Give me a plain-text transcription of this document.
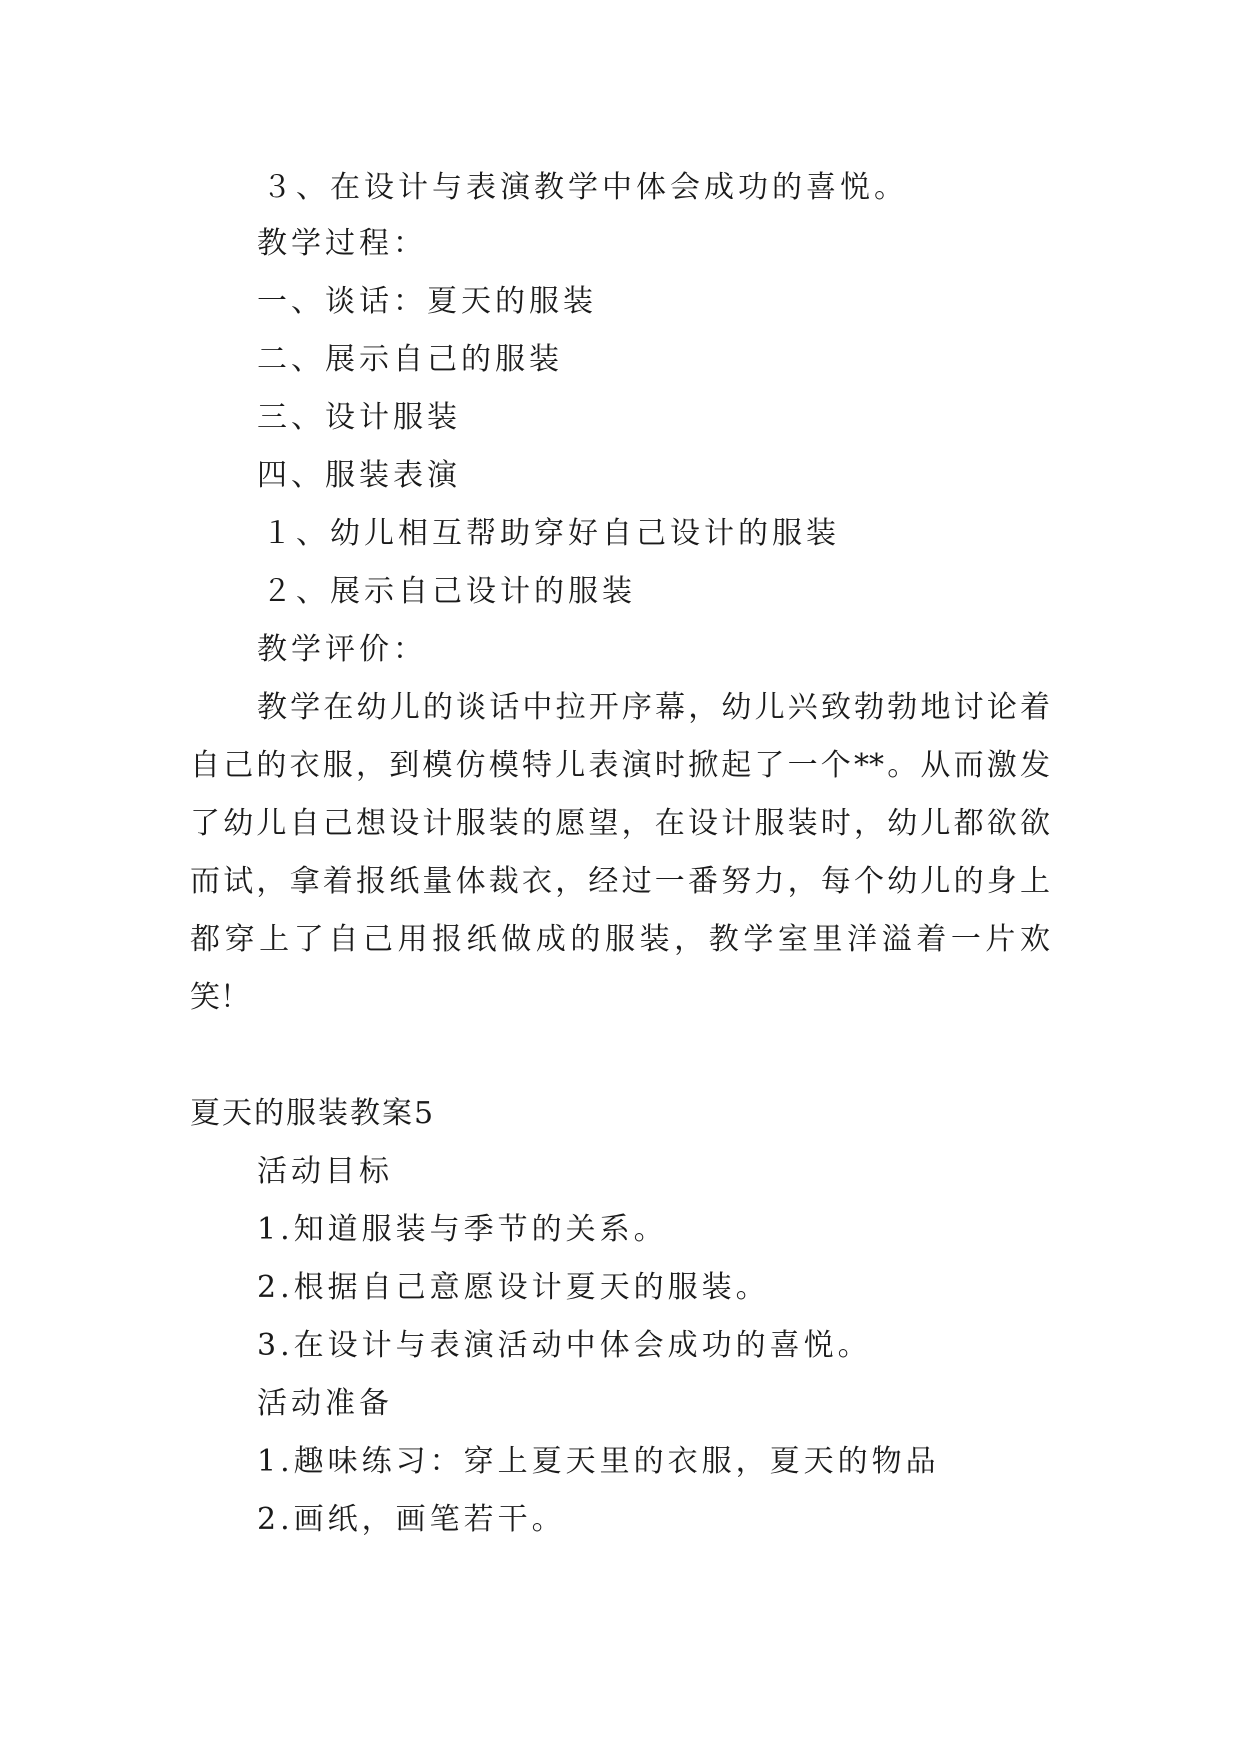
３、在设计与表演教学中体会成功的喜悦。
教学过程：
一、谈话：夏天的服装
二、展示自己的服装
三、设计服装
四、服装表演
１、幼儿相互帮助穿好自己设计的服装
２、展示自己设计的服装
教学评价：
教学在幼儿的谈话中拉开序幕，幼儿兴致勃勃地讨论着
自己的衣服，到模仿模特儿表演时掀起了一个**。从而激发
了幼儿自己想设计服装的愿望，在设计服装时，幼儿都欲欲
而试，拿着报纸量体裁衣，经过一番努力，每个幼儿的身上
都穿上了自己用报纸做成的服装，教学室里洋溢着一片欢
笑！
夏天的服装教案5
活动目标
1.知道服装与季节的关系。
2.根据自己意愿设计夏天的服装。
3.在设计与表演活动中体会成功的喜悦。
活动准备
1.趣味练习：穿上夏天里的衣服，夏天的物品
2.画纸，画笔若干。
